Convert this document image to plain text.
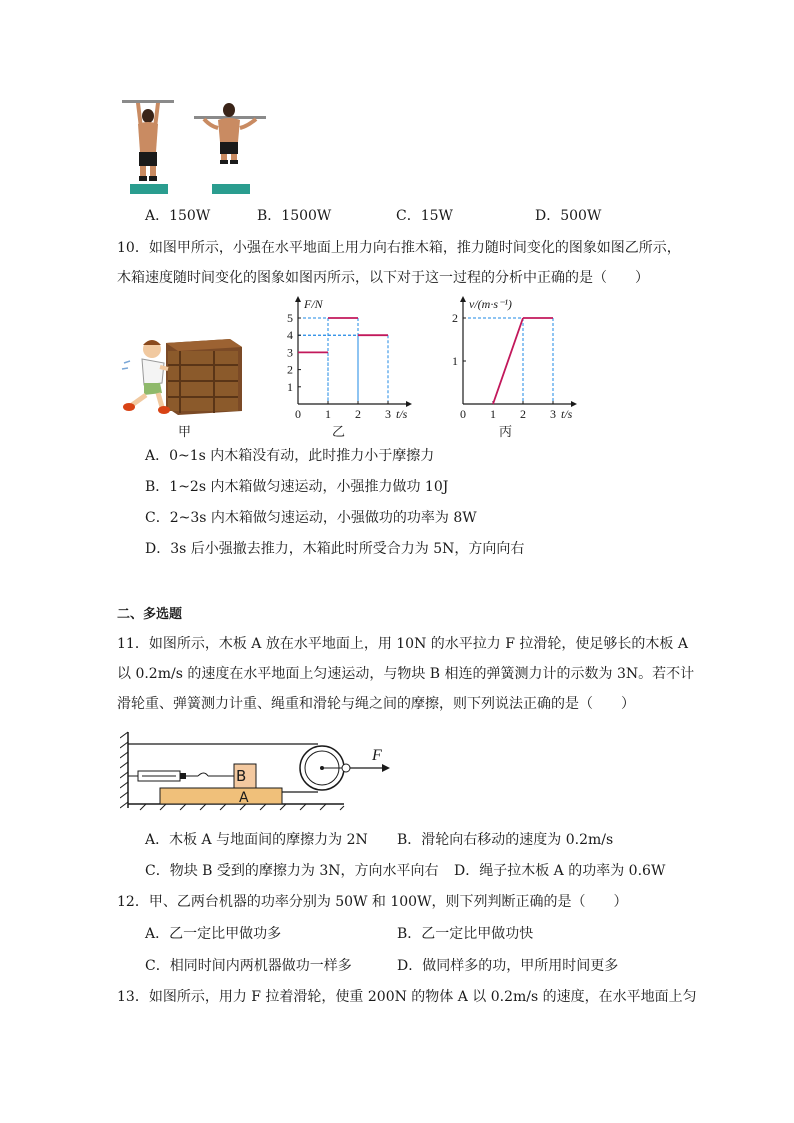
A．150W	B．1500W	C．15W	D．500W
10．如图甲所示，小强在水平地面上用力向右推木箱，推力随时间变化的图象如图乙所示，
木箱速度随时间变化的图象如图丙所示，以下对于这一过程的分析中正确的是（　　）
0 1 2 3
1
2
3
4
5
t/s
F/N
0 1 2 3
1
2
t/s
v/(m·s⁻¹)
甲	乙	丙
A．0~1s 内木箱没有动，此时推力小于摩擦力
B．1~2s 内木箱做匀速运动，小强推力做功 10J
C．2~3s 内木箱做匀速运动，小强做功的功率为 8W
D．3s 后小强撤去推力，木箱此时所受合力为 5N，方向向右
二、多选题
11．如图所示，木板 A 放在水平地面上，用 10N 的水平拉力 F 拉滑轮，使足够长的木板 A
以 0.2m/s 的速度在水平地面上匀速运动，与物块 B 相连的弹簧测力计的示数为 3N。若不计
滑轮重、弹簧测力计重、绳重和滑轮与绳之间的摩擦，则下列说法正确的是（　　）
B
A
F
A．木板 A 与地面间的摩擦力为 2N B．滑轮向右移动的速度为 0.2m/s
C．物块 B 受到的摩擦力为 3N，方向水平向右 D．绳子拉木板 A 的功率为 0.6W
12．甲、乙两台机器的功率分别为 50W 和 100W，则下列判断正确的是（　　）
A．乙一定比甲做功多	B．乙一定比甲做功快
C．相同时间内两机器做功一样多	D．做同样多的功，甲所用时间更多
13．如图所示，用力 F 拉着滑轮，使重 200N 的物体 A 以 0.2m/s 的速度，在水平地面上匀
